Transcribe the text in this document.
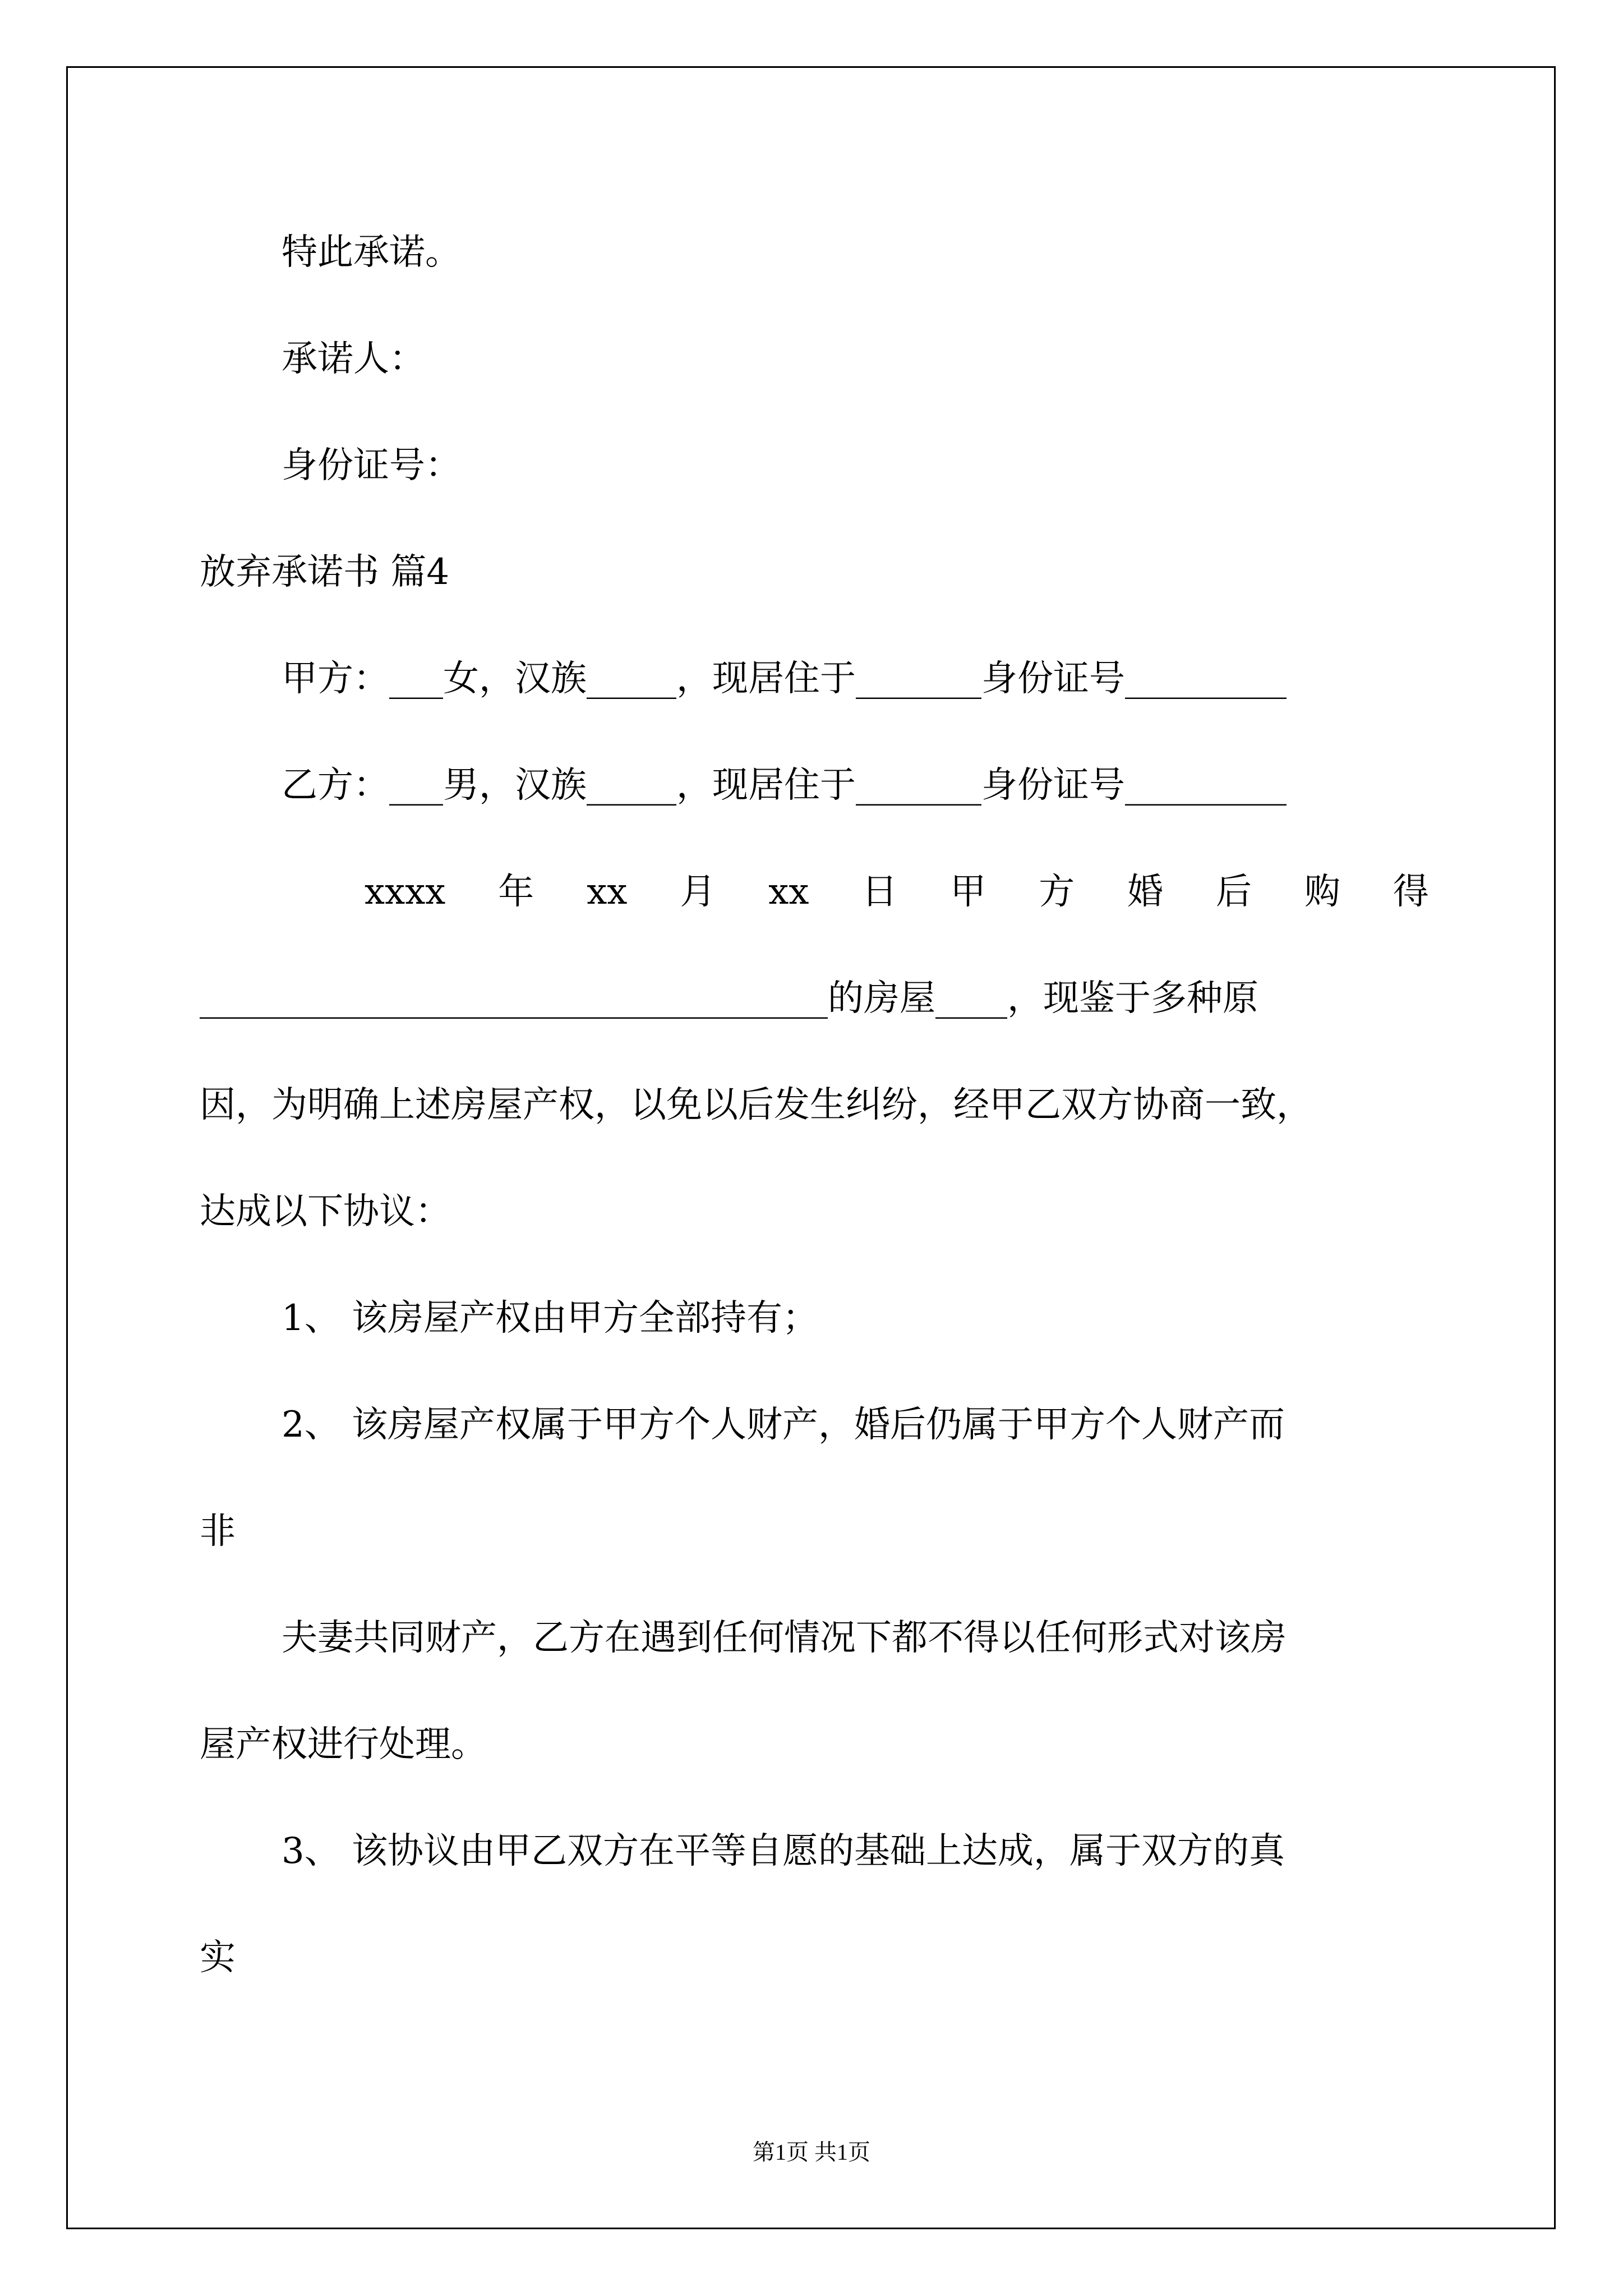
特此承诺。
承诺人：
身份证号：
放弃承诺书 篇4
甲方：___女，汉族_____，现居住于_______身份证号_________
乙方：___男，汉族_____，现居住于_______身份证号_________
xxxx 年 xx 月 xx 日 甲 方 婚 后 购 得
___________________________________的房屋____，现鉴于多种原
因，为明确上述房屋产权，以免以后发生纠纷，经甲乙双方协商一致，
达成以下协议：
1、 该房屋产权由甲方全部持有；
2、 该房屋产权属于甲方个人财产，婚后仍属于甲方个人财产而
非
夫妻共同财产，乙方在遇到任何情况下都不得以任何形式对该房
屋产权进行处理。
3、 该协议由甲乙双方在平等自愿的基础上达成，属于双方的真
实
第1页 共1页
